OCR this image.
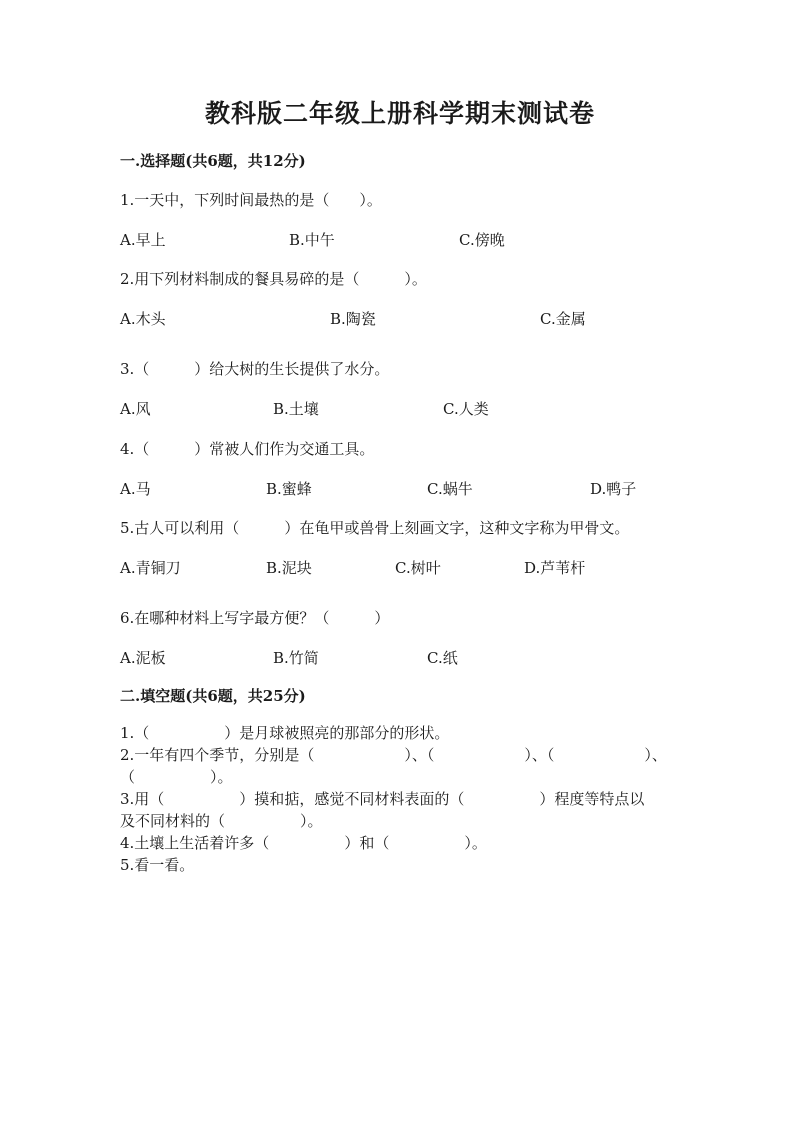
教科版二年级上册科学期末测试卷
一.选择题(共6题，共12分)
1.一天中，下列时间最热的是（　　）。
A.早上	B.中午	C.傍晚
2.用下列材料制成的餐具易碎的是（　　　）。
A.木头	B.陶瓷	C.金属
3.（　　　）给大树的生长提供了水分。
A.风	B.土壤	C.人类
4.（　　　）常被人们作为交通工具。
A.马	B.蜜蜂	C.蜗牛	D.鸭子
5.古人可以利用（　　　）在龟甲或兽骨上刻画文字，这种文字称为甲骨文。
A.青铜刀	B.泥块	C.树叶	D.芦苇杆
6.在哪种材料上写字最方便？（　　　）
A.泥板	B.竹简	C.纸
二.填空题(共6题，共25分)
1.（　　　　　）是月球被照亮的那部分的形状。
2.一年有四个季节，分别是（　　　　　　）、（　　　　　　）、（　　　　　　）、
（　　　　　）。
3.用（　　　　　）摸和掂，感觉不同材料表面的（　　　　　）程度等特点以
及不同材料的（　　　　　）。
4.土壤上生活着许多（　　　　　）和（　　　　　）。
5.看一看。
